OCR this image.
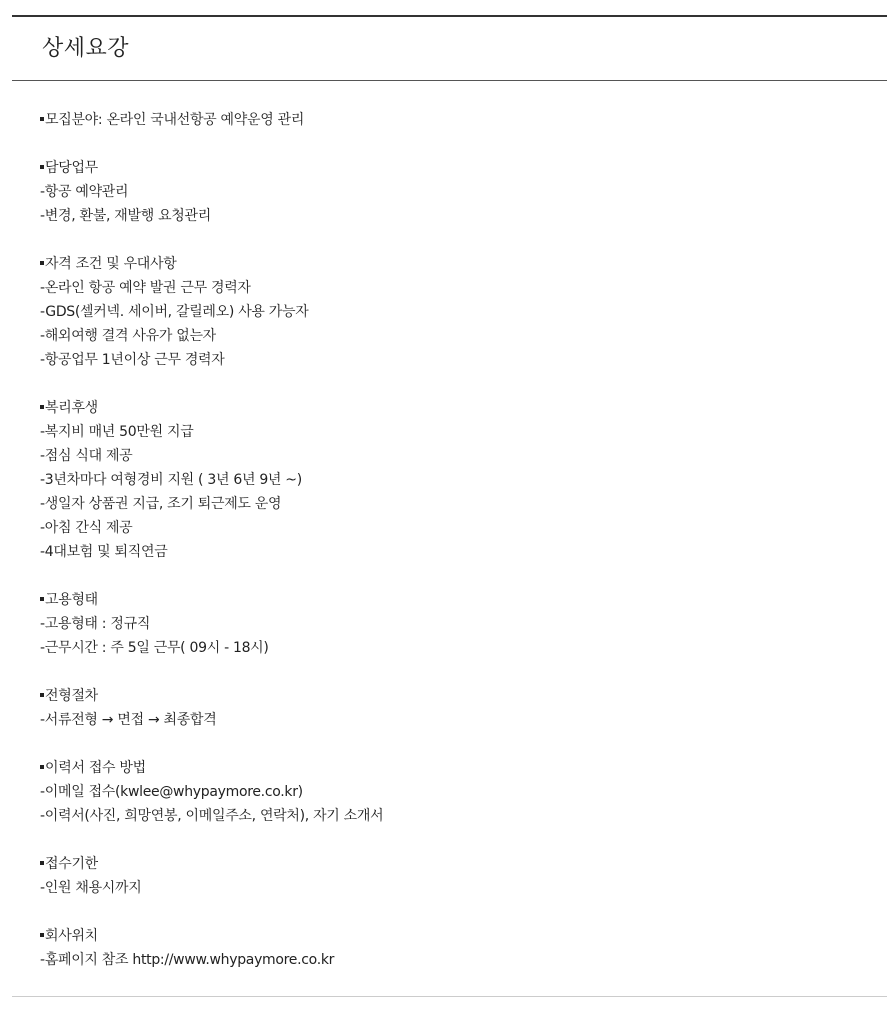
상세요강
모집분야: 온라인 국내선항공 예약운영 관리
담당업무
-항공 예약관리
-변경, 환불, 재발행 요청관리
자격 조건 및 우대사항
-온라인 항공 예약 발권 근무 경력자
-GDS(셀커넥. 세이버, 갈릴레오) 사용 가능자
-해외여행 결격 사유가 없는자
-항공업무 1년이상 근무 경력자
복리후생
-복지비 매년 50만원 지급
-점심 식대 제공
-3년차마다 여형경비 지원 ( 3년 6년 9년 ~)
-생일자 상품권 지급, 조기 퇴근제도 운영
-아침 간식 제공
-4대보험 및 퇴직연금
고용형태
-고용형태 : 정규직
-근무시간 : 주 5일 근무( 09시 - 18시)
전형절차
-서류전형 → 면접 → 최종합격
이력서 접수 방법
-이메일 접수(kwlee@whypaymore.co.kr)
-이력서(사진, 희망연봉, 이메일주소, 연락처), 자기 소개서
접수기한
-인원 채용시까지
회사위치
-홈페이지 참조 http://www.whypaymore.co.kr
